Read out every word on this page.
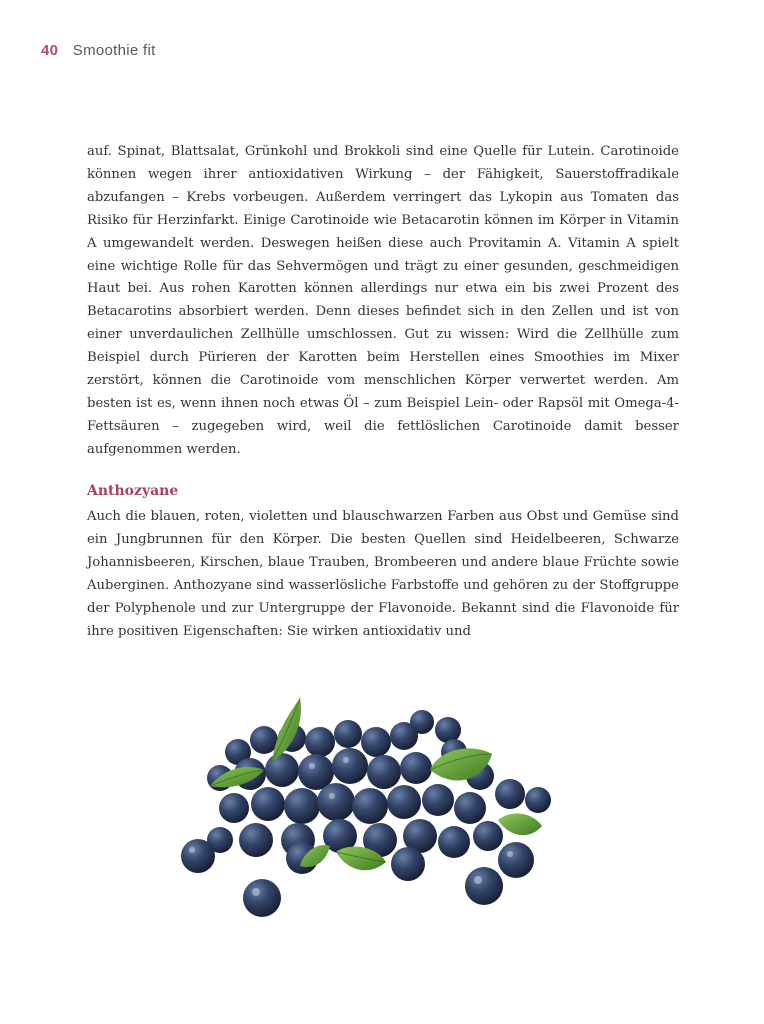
40 Smoothie fit

auf. Spinat, Blattsalat, Grünkohl und Brokkoli sind eine Quelle für Lutein. Carotinoide können wegen ihrer antioxidativen Wirkung – der Fähigkeit, Sauerstoffradikale abzufangen – Krebs vorbeugen. Außerdem verringert das Lykopin aus Tomaten das Risiko für Herzinfarkt. Einige Carotinoide wie Betacarotin können im Körper in Vitamin A umgewandelt werden. Deswegen heißen diese auch Provitamin A. Vitamin A spielt eine wichtige Rolle für das Sehvermögen und trägt zu einer gesunden, geschmeidigen Haut bei. Aus rohen Karotten können allerdings nur etwa ein bis zwei Prozent des Betacarotins absorbiert werden. Denn dieses befindet sich in den Zellen und ist von einer unverdaulichen Zellhülle umschlossen. Gut zu wissen: Wird die Zellhülle zum Beispiel durch Pürieren der Karotten beim Herstellen eines Smoothies im Mixer zerstört, können die Carotinoide vom menschlichen Körper verwertet werden. Am besten ist es, wenn ihnen noch etwas Öl – zum Beispiel Lein- oder Rapsöl mit Omega-4-Fettsäuren – zugegeben wird, weil die fettlöslichen Carotinoide damit besser aufgenommen werden.

Anthozyane

Auch die blauen, roten, violetten und blauschwarzen Farben aus Obst und Gemüse sind ein Jungbrunnen für den Körper. Die besten Quellen sind Heidelbeeren, Schwarze Johannisbeeren, Kirschen, blaue Trauben, Brombeeren und andere blaue Früchte sowie Auberginen. Anthozyane sind wasserlösliche Farbstoffe und gehören zu der Stoffgruppe der Polyphenole und zur Untergruppe der Flavonoide. Bekannt sind die Flavonoide für ihre positiven Eigenschaften: Sie wirken antioxidativ und
